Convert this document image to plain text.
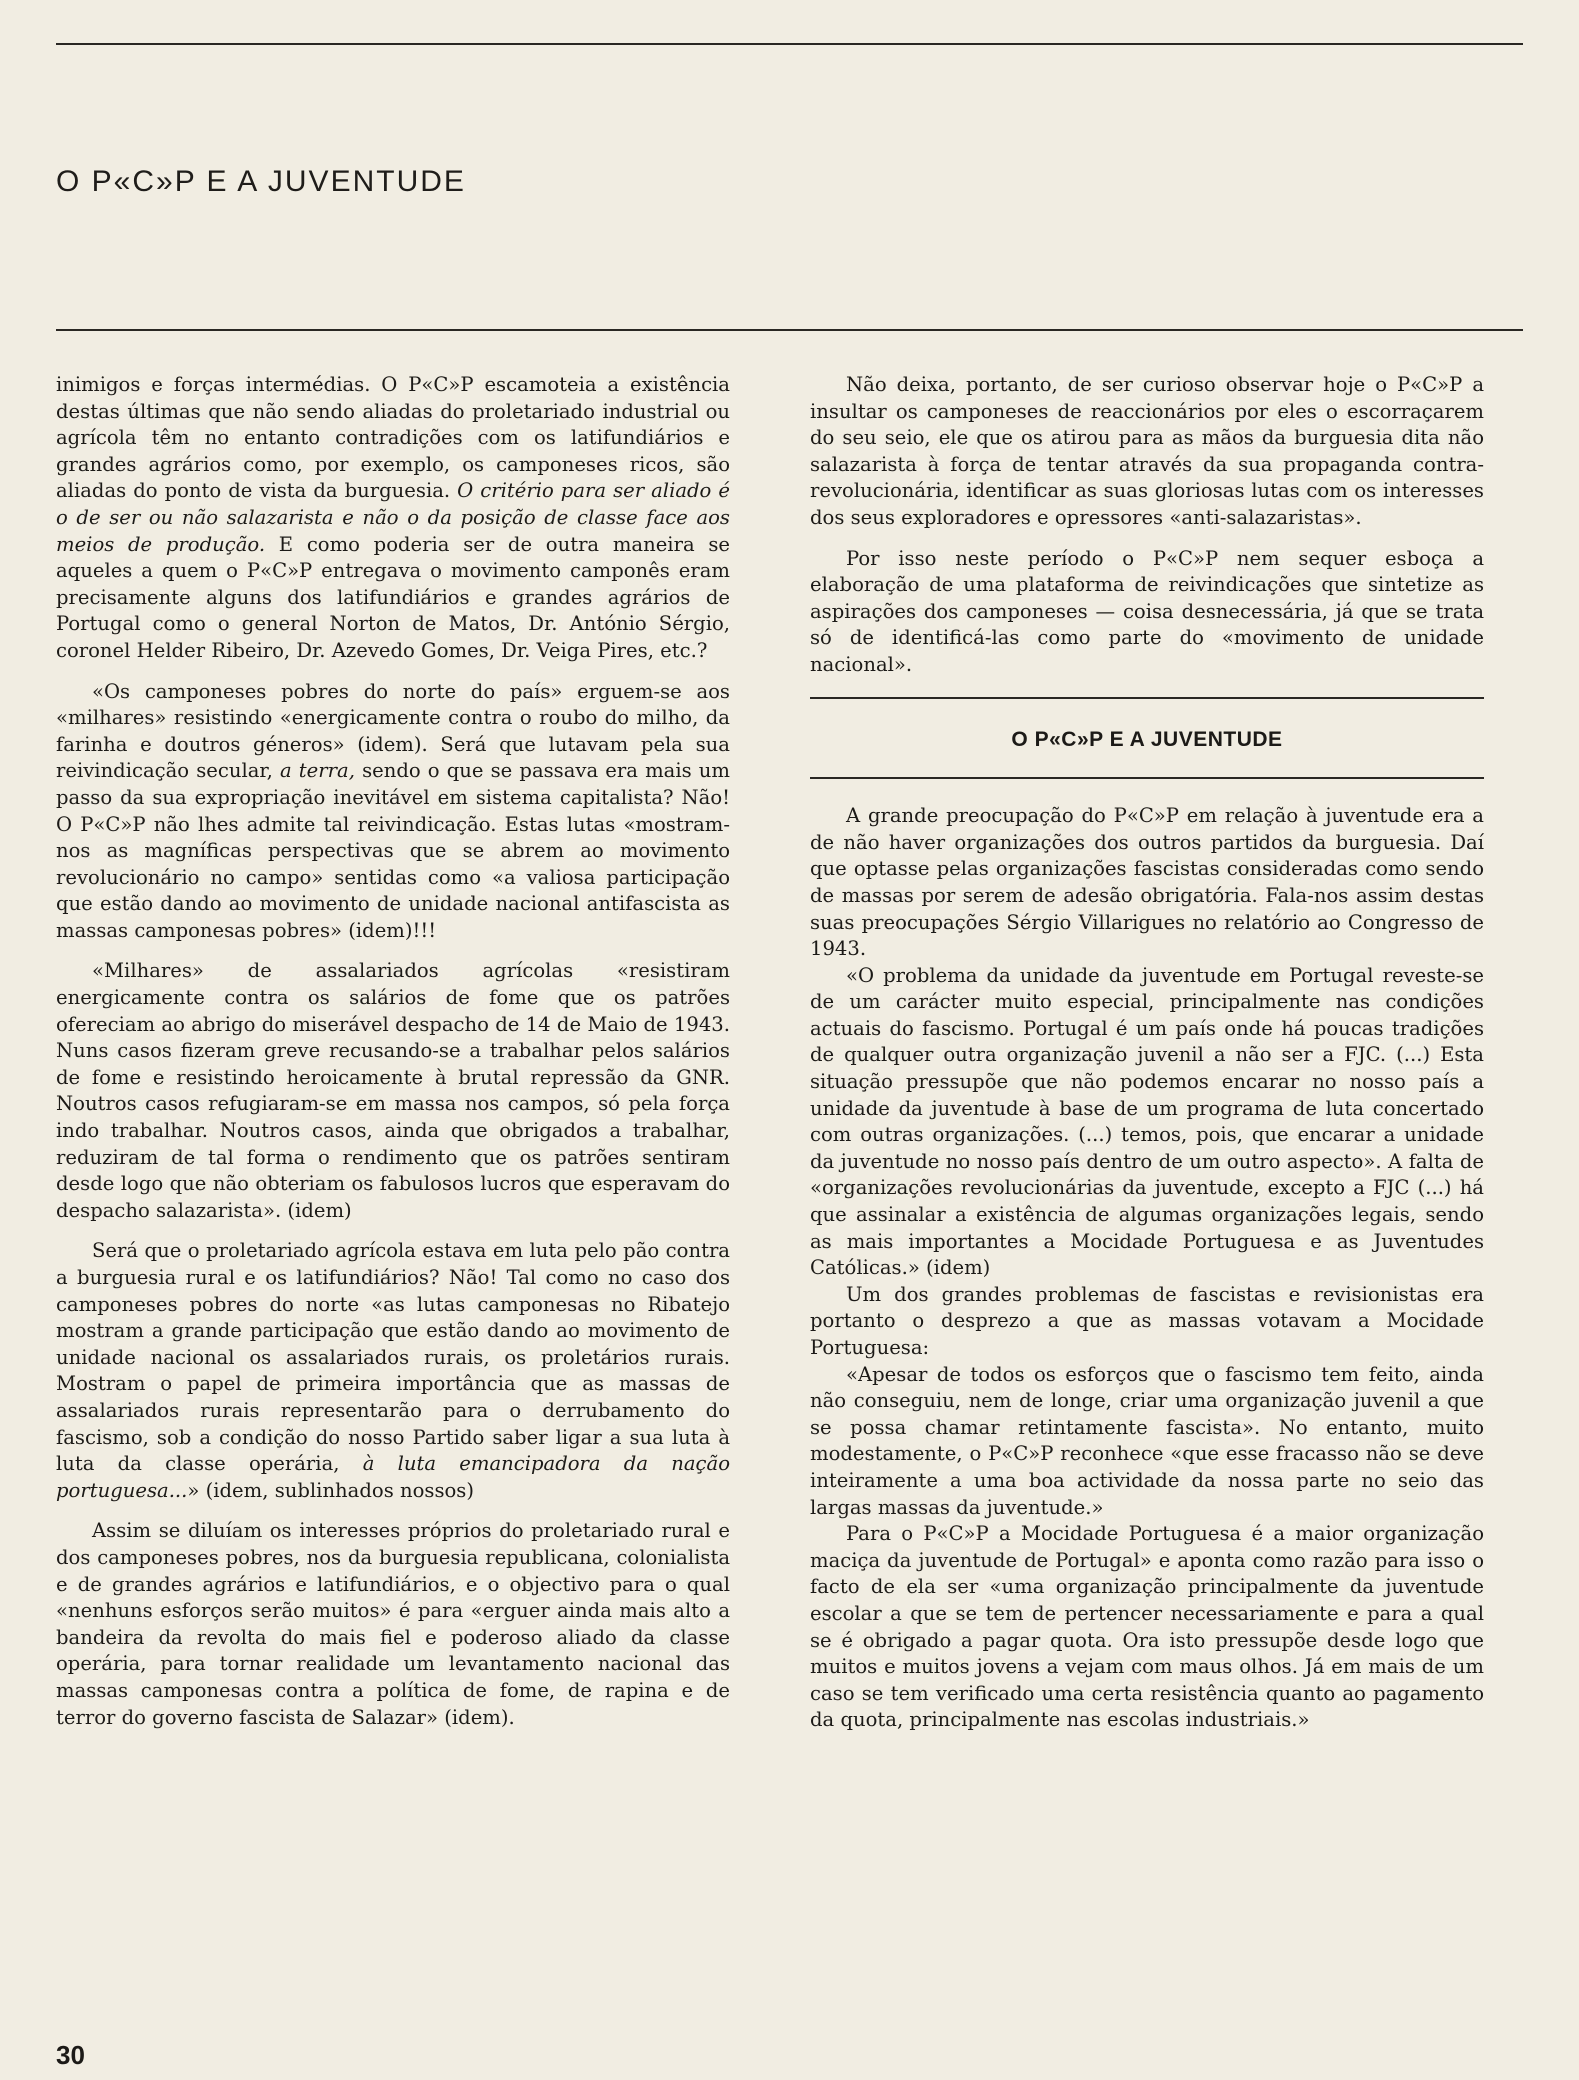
O P«C»P E A JUVENTUDE

inimigos e forças intermédias. O P«C»P escamoteia a existência destas últimas que não sendo aliadas do proletariado industrial ou agrícola têm no entanto contradições com os latifundiários e grandes agrários como, por exemplo, os camponeses ricos, são aliadas do ponto de vista da burguesia. O critério para ser aliado é o de ser ou não salazarista e não o da posição de classe face aos meios de produção. E como poderia ser de outra maneira se aqueles a quem o P«C»P entregava o movimento camponês eram precisamente alguns dos latifundiários e grandes agrários de Portugal como o general Norton de Matos, Dr. António Sérgio, coronel Helder Ribeiro, Dr. Azevedo Gomes, Dr. Veiga Pires, etc.?

«Os camponeses pobres do norte do país» erguem-se aos «milhares» resistindo «energicamente contra o roubo do milho, da farinha e doutros géneros» (idem). Será que lutavam pela sua reivindicação secular, a terra, sendo o que se passava era mais um passo da sua expropriação inevitável em sistema capitalista? Não! O P«C»P não lhes admite tal reivindicação. Estas lutas «mostram-nos as magníficas perspectivas que se abrem ao movimento revolucionário no campo» sentidas como «a valiosa participação que estão dando ao movimento de unidade nacional antifascista as massas camponesas pobres» (idem)!!!

«Milhares» de assalariados agrícolas «resistiram energicamente contra os salários de fome que os patrões ofereciam ao abrigo do miserável despacho de 14 de Maio de 1943. Nuns casos fizeram greve recusando-se a trabalhar pelos salários de fome e resistindo heroicamente à brutal repressão da GNR. Noutros casos refugiaram-se em massa nos campos, só pela força indo trabalhar. Noutros casos, ainda que obrigados a trabalhar, reduziram de tal forma o rendimento que os patrões sentiram desde logo que não obteriam os fabulosos lucros que esperavam do despacho salazarista». (idem)

Será que o proletariado agrícola estava em luta pelo pão contra a burguesia rural e os latifundiários? Não! Tal como no caso dos camponeses pobres do norte «as lutas camponesas no Ribatejo mostram a grande participação que estão dando ao movimento de unidade nacional os assalariados rurais, os proletários rurais. Mostram o papel de primeira importância que as massas de assalariados rurais representarão para o derrubamento do fascismo, sob a condição do nosso Partido saber ligar a sua luta à luta da classe operária, à luta emancipadora da nação portuguesa...» (idem, sublinhados nossos)

Assim se diluíam os interesses próprios do proletariado rural e dos camponeses pobres, nos da burguesia republicana, colonialista e de grandes agrários e latifundiários, e o objectivo para o qual «nenhuns esforços serão muitos» é para «erguer ainda mais alto a bandeira da revolta do mais fiel e poderoso aliado da classe operária, para tornar realidade um levantamento nacional das massas camponesas contra a política de fome, de rapina e de terror do governo fascista de Salazar» (idem).

Não deixa, portanto, de ser curioso observar hoje o P«C»P a insultar os camponeses de reaccionários por eles o escorraçarem do seu seio, ele que os atirou para as mãos da burguesia dita não salazarista à força de tentar através da sua propaganda contra-revolucionária, identificar as suas gloriosas lutas com os interesses dos seus exploradores e opressores «anti-salazaristas».

Por isso neste período o P«C»P nem sequer esboça a elaboração de uma plataforma de reivindicações que sintetize as aspirações dos camponeses — coisa desnecessária, já que se trata só de identificá-las como parte do «movimento de unidade nacional».

O P«C»P E A JUVENTUDE

A grande preocupação do P«C»P em relação à juventude era a de não haver organizações dos outros partidos da burguesia. Daí que optasse pelas organizações fascistas consideradas como sendo de massas por serem de adesão obrigatória. Fala-nos assim destas suas preocupações Sérgio Villarigues no relatório ao Congresso de 1943.

«O problema da unidade da juventude em Portugal reveste-se de um carácter muito especial, principalmente nas condições actuais do fascismo. Portugal é um país onde há poucas tradições de qualquer outra organização juvenil a não ser a FJC. (...) Esta situação pressupõe que não podemos encarar no nosso país a unidade da juventude à base de um programa de luta concertado com outras organizações. (...) temos, pois, que encarar a unidade da juventude no nosso país dentro de um outro aspecto». A falta de «organizações revolucionárias da juventude, excepto a FJC (...) há que assinalar a existência de algumas organizações legais, sendo as mais importantes a Mocidade Portuguesa e as Juventudes Católicas.» (idem)

Um dos grandes problemas de fascistas e revisionistas era portanto o desprezo a que as massas votavam a Mocidade Portuguesa:

«Apesar de todos os esforços que o fascismo tem feito, ainda não conseguiu, nem de longe, criar uma organização juvenil a que se possa chamar retintamente fascista». No entanto, muito modestamente, o P«C»P reconhece «que esse fracasso não se deve inteiramente a uma boa actividade da nossa parte no seio das largas massas da juventude.»

Para o P«C»P a Mocidade Portuguesa é a maior organização maciça da juventude de Portugal» e aponta como razão para isso o facto de ela ser «uma organização principalmente da juventude escolar a que se tem de pertencer necessariamente e para a qual se é obrigado a pagar quota. Ora isto pressupõe desde logo que muitos e muitos jovens a vejam com maus olhos. Já em mais de um caso se tem verificado uma certa resistência quanto ao pagamento da quota, principalmente nas escolas industriais.»

30
